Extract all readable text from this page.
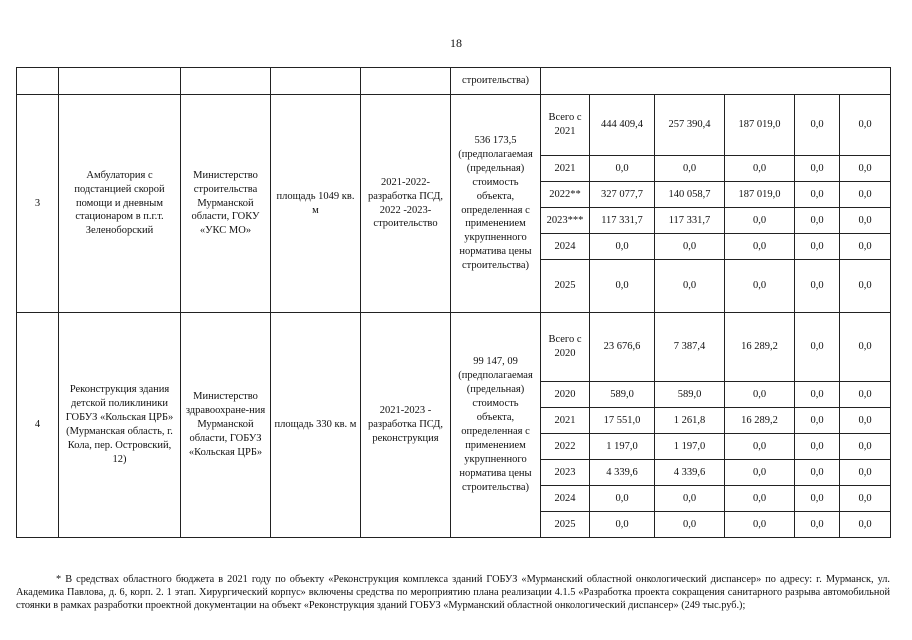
18
					строительства)						
3	Амбулатория с подстанцией скорой помощи и дневным стационаром в п.г.т. Зеленоборский	Министерство строительства Мурманской области, ГОКУ «УКС МО»	площадь 1049 кв. м	2021-2022-разработка ПСД, 2022 -2023-строительство	536 173,5 (предполагаемая (предельная) стоимость объекта, определенная с применением укрупненного норматива цены строительства)	Всего с 2021	444 409,4	257 390,4	187 019,0	0,0	0,0
						2021	0,0	0,0	0,0	0,0	0,0
						2022**	327 077,7	140 058,7	187 019,0	0,0	0,0
						2023***	117 331,7	117 331,7	0,0	0,0	0,0
						2024	0,0	0,0	0,0	0,0	0,0
						2025	0,0	0,0	0,0	0,0	0,0
4	Реконструкция здания детской поликлиники ГОБУЗ «Кольская ЦРБ» (Мурманская область, г. Кола, пер. Островский, 12)	Министерство здравоохране-ния Мурманской области, ГОБУЗ «Кольская ЦРБ»	площадь 330 кв. м	2021-2023 - разработка ПСД, реконструкция	99 147, 09 (предполагаемая (предельная) стоимость объекта, определенная с применением укрупненного норматива цены строительства)	Всего с 2020	23 676,6	7 387,4	16 289,2	0,0	0,0
						2020	589,0	589,0	0,0	0,0	0,0
						2021	17 551,0	1 261,8	16 289,2	0,0	0,0
						2022	1 197,0	1 197,0	0,0	0,0	0,0
						2023	4 339,6	4 339,6	0,0	0,0	0,0
						2024	0,0	0,0	0,0	0,0	0,0
						2025	0,0	0,0	0,0	0,0	0,0
* В средствах областного бюджета в 2021 году по объекту «Реконструкция комплекса зданий ГОБУЗ «Мурманский областной онкологический диспансер» по адресу: г. Мурманск, ул. Академика Павлова, д. 6, корп. 2. 1 этап. Хирургический корпус» включены средства по мероприятию плана реализации 4.1.5 «Разработка проекта сокращения санитарного разрыва автомобильной стоянки в рамках разработки проектной документации на объект «Реконструкция зданий ГОБУЗ «Мурманский областной онкологический диспансер» (249 тыс.руб.);
